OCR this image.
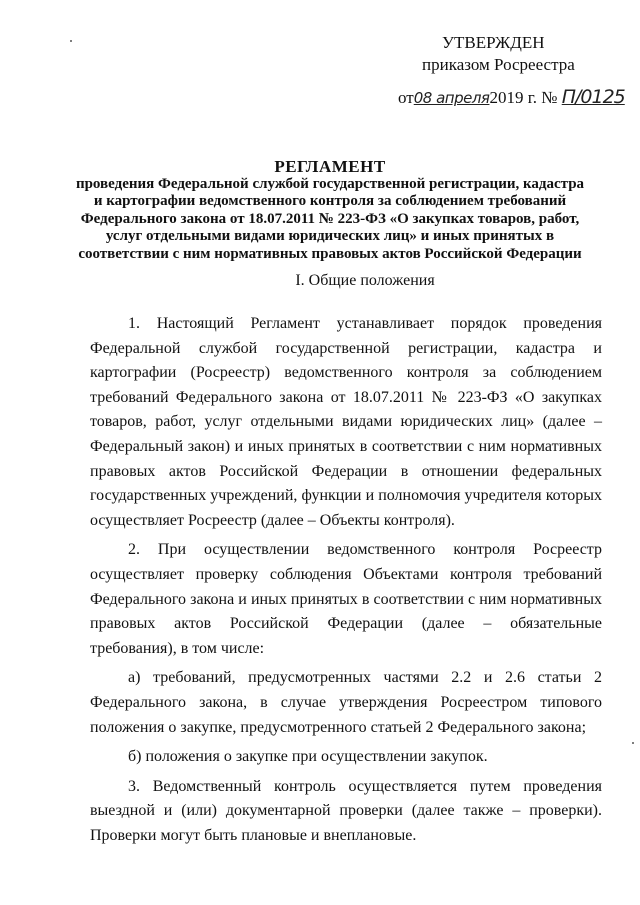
УТВЕРЖДЕН
приказом Росреестра
от08 апреля2019 г. № П/0125
РЕГЛАМЕНТ
проведения Федеральной службой государственной регистрации, кадастра
и картографии ведомственного контроля за соблюдением требований
Федерального закона от 18.07.2011 № 223-ФЗ «О закупках товаров, работ,
услуг отдельными видами юридических лиц» и иных принятых в
соответствии с ним нормативных правовых актов Российской Федерации
I. Общие положения

1. Настоящий Регламент устанавливает порядок проведения Федеральной службой государственной регистрации, кадастра и картографии (Росреестр) ведомственного контроля за соблюдением требований Федерального закона от 18.07.2011 № 223-ФЗ «О закупках товаров, работ, услуг отдельными видами юридических лиц» (далее – Федеральный закон) и иных принятых в соответствии с ним нормативных правовых актов Российской Федерации в отношении федеральных государственных учреждений, функции и полномочия учредителя которых осуществляет Росреестр (далее – Объекты контроля).

2. При осуществлении ведомственного контроля Росреестр осуществляет проверку соблюдения Объектами контроля требований Федерального закона и иных принятых в соответствии с ним нормативных правовых актов Российской Федерации (далее – обязательные требования), в том числе:

а) требований, предусмотренных частями 2.2 и 2.6 статьи 2 Федерального закона, в случае утверждения Росреестром типового положения о закупке, предусмотренного статьей 2 Федерального закона;

б) положения о закупке при осуществлении закупок.

3. Ведомственный контроль осуществляется путем проведения выездной и (или) документарной проверки (далее также – проверки). Проверки могут быть плановые и внеплановые.
